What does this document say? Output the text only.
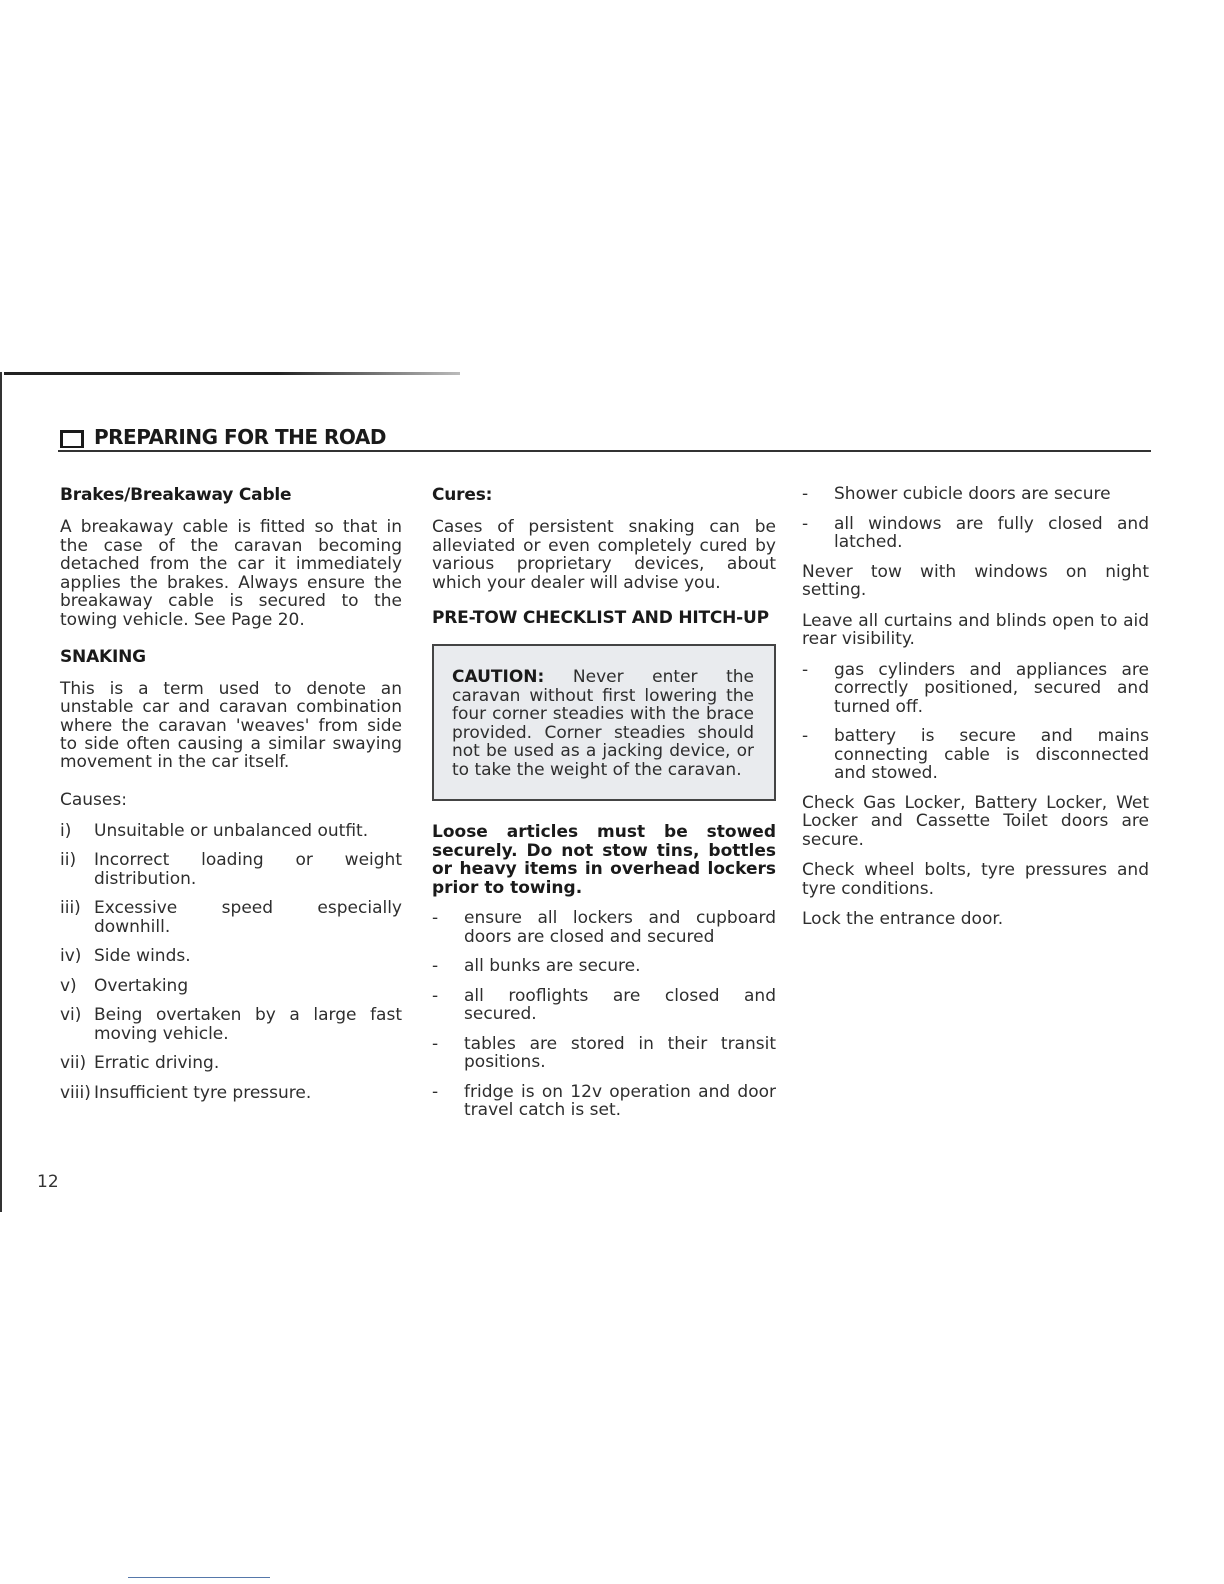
PREPARING FOR THE ROAD
Brakes/Breakaway Cable
A breakaway cable is fitted so that in the case of the caravan becoming detached from the car it immediately applies the brakes. Always ensure the breakaway cable is secured to the towing vehicle. See Page 20.
SNAKING
This is a term used to denote an unstable car and caravan combination where the caravan 'weaves' from side to side often causing a similar swaying movement in the car itself.
Causes:
i)	Unsuitable or unbalanced outfit.
ii)	Incorrect loading or weight distribution.
iii) Excessive speed especially downhill.
iv) Side winds.
v)	Overtaking
vi) Being overtaken by a large fast moving vehicle.
vii) Erratic driving.
viii) Insufficient tyre pressure.
Cures:
Cases of persistent snaking can be alleviated or even completely cured by various proprietary devices, about which your dealer will advise you.
PRE-TOW CHECKLIST AND HITCH-UP
CAUTION: Never enter the caravan without first lowering the four corner steadies with the brace provided. Corner steadies should not be used as a jacking device, or to take the weight of the caravan.
Loose articles must be stowed securely. Do not stow tins, bottles or heavy items in overhead lockers prior to towing.
-	ensure all lockers and cupboard doors are closed and secured
-	all bunks are secure.
-	all rooflights are closed and secured.
-	tables are stored in their transit positions.
-	fridge is on 12v operation and door travel catch is set.
-	Shower cubicle doors are secure
-	all windows are fully closed and latched.
Never tow with windows on night setting.
Leave all curtains and blinds open to aid rear visibility.
-	gas cylinders and appliances are correctly positioned, secured and turned off.
-	battery is secure and mains connecting cable is disconnected and stowed.
Check Gas Locker, Battery Locker, Wet Locker and Cassette Toilet doors are secure.
Check wheel bolts, tyre pressures and tyre conditions.
Lock the entrance door.
12
